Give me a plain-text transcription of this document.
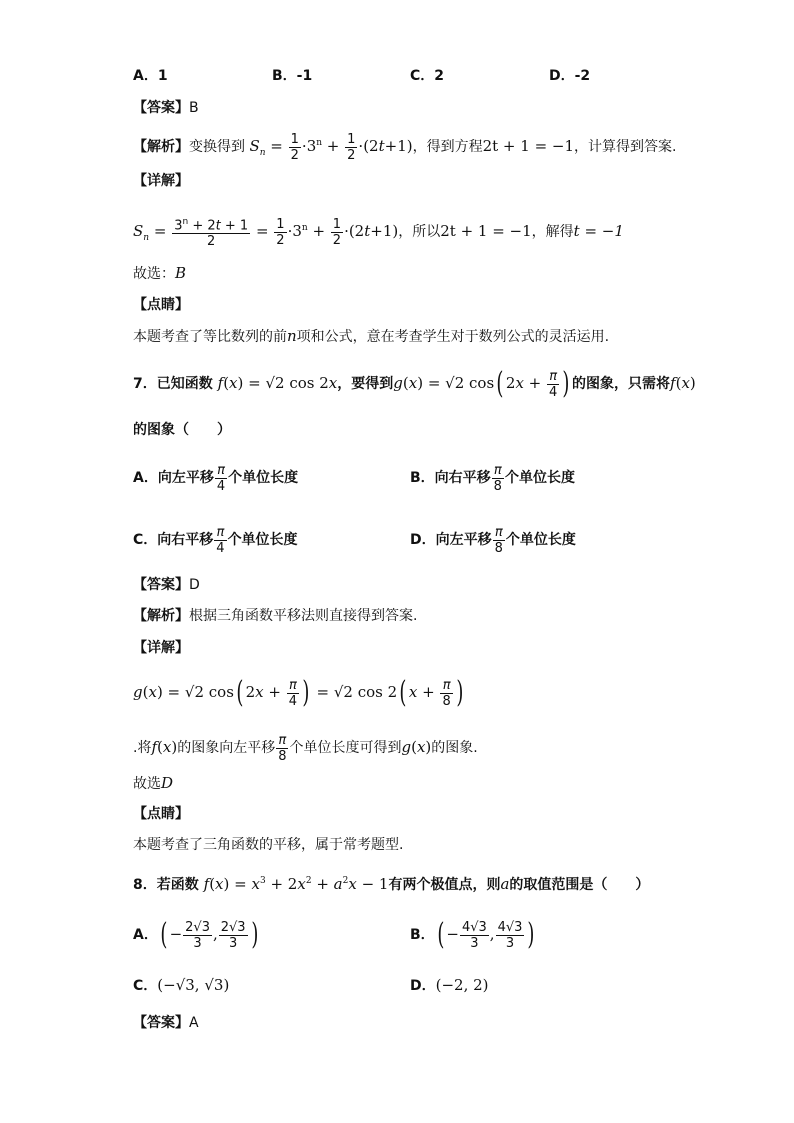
A．1	B．-1	C．2	D．-2
【答案】B
【解析】变换得到 $S_n = \frac{1}{2} \cdot 3^n + \frac{1}{2} \cdot(2t+1)$，得到方程2t + 1 = −1，计算得到答案.
【详解】
$S_n = \frac{3^n + 2t + 1}{2} = \frac{1}{2} \cdot 3^n + \frac{1}{2} \cdot(2t+1)$，所以2t + 1 = −1，解得t = −1
故选：B
【点睛】
本题考查了等比数列的前n项和公式，意在考查学生对于数列公式的灵活运用.
7．已知函数 f(x) = √2 cos 2x，要得到g(x) = √2 cos( $2x + \frac{\pi}{4}$ ) 的图象，只需将f(x)
的图象（　　）
A．向左平移 $\frac{\pi}{4}$ 个单位长度	B．向右平移 $\frac{\pi}{8}$ 个单位长度
C．向右平移 $\frac{\pi}{4}$ 个单位长度	D．向左平移 $\frac{\pi}{8}$ 个单位长度
【答案】D
【解析】根据三角函数平移法则直接得到答案.
【详解】
g(x) = √2 cos( $2x + \frac{\pi}{4}$ ) = √2 cos 2( $x + \frac{\pi}{8}$ )
.将f(x)的图象向左平移 $\frac{\pi}{8}$ 个单位长度可得到g(x)的图象.
故选D
【点睛】
本题考查了三角函数的平移，属于常考题型.
8．若函数 $f(x) = x^3 + 2x^2 + a^2x - 1$有两个极值点，则a的取值范围是（　　）
A．( − $\frac{2√3}{3}$ , $\frac{2√3}{3}$ )	B．( − $\frac{4√3}{3}$ , $\frac{4√3}{3}$ )
C．(−√3, √3)	D．(−2, 2)
【答案】A
